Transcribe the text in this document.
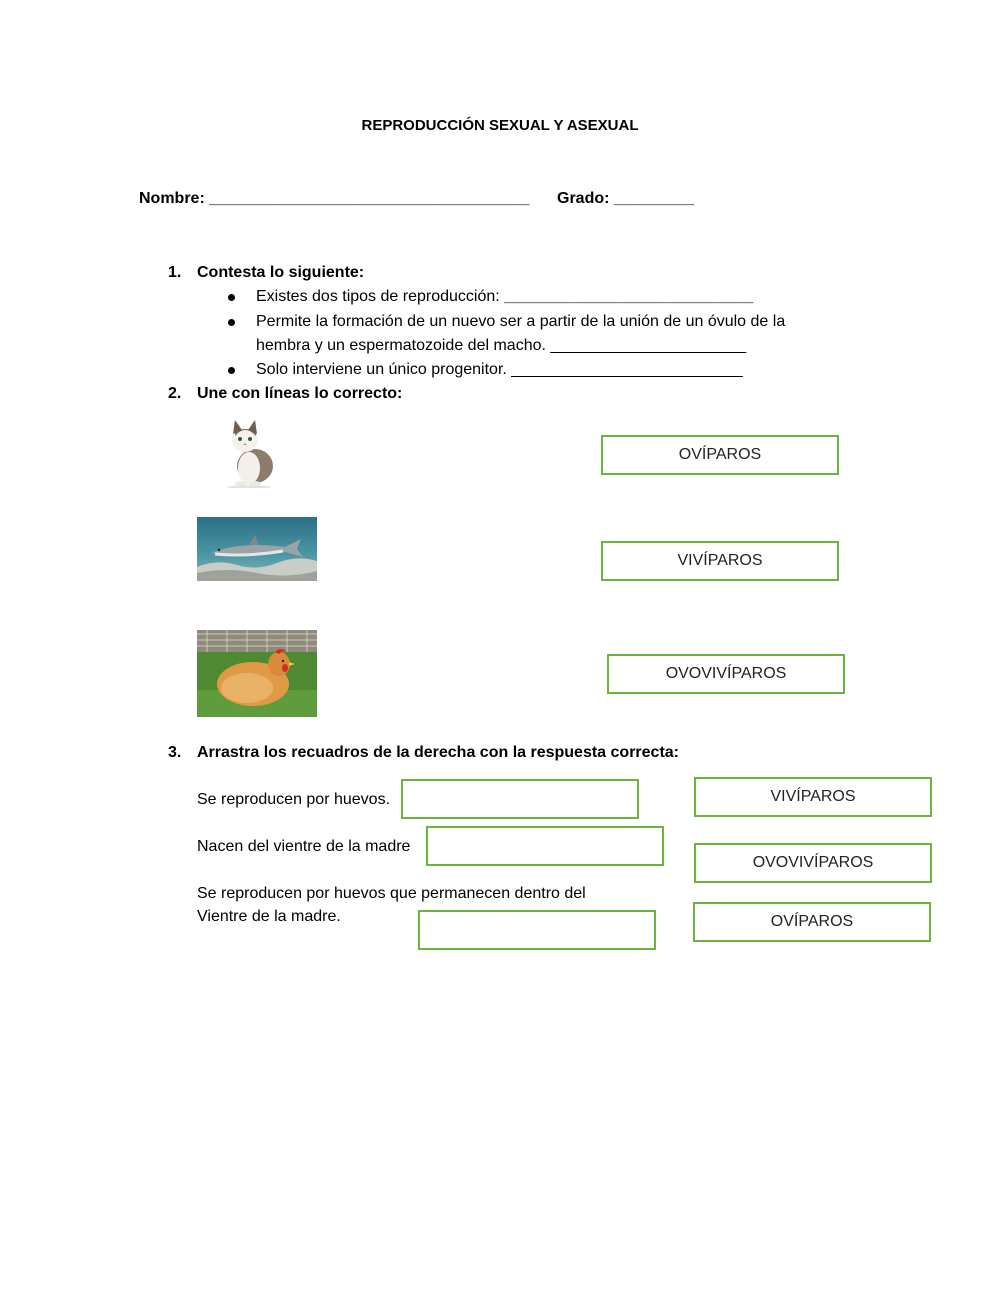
REPRODUCCIÓN SEXUAL Y ASEXUAL
Nombre: ____________________________________ Grado: _________
1. Contesta lo siguiente:
Existes dos tipos de reproducción: ____________________________
Permite la formación de un nuevo ser a partir de la unión de un óvulo de la
hembra y un espermatozoide del macho. ______________________
Solo interviene un único progenitor. __________________________
2. Une con líneas lo correcto:
OVÍPAROS
VIVÍPAROS
OVOVIVÍPAROS
3. Arrastra los recuadros de la derecha con la respuesta correcta:
Se reproducen por huevos.
Nacen del vientre de la madre
Se reproducen por huevos que permanecen dentro del
Vientre de la madre.
VIVÍPAROS
OVOVIVÍPAROS
OVÍPAROS
